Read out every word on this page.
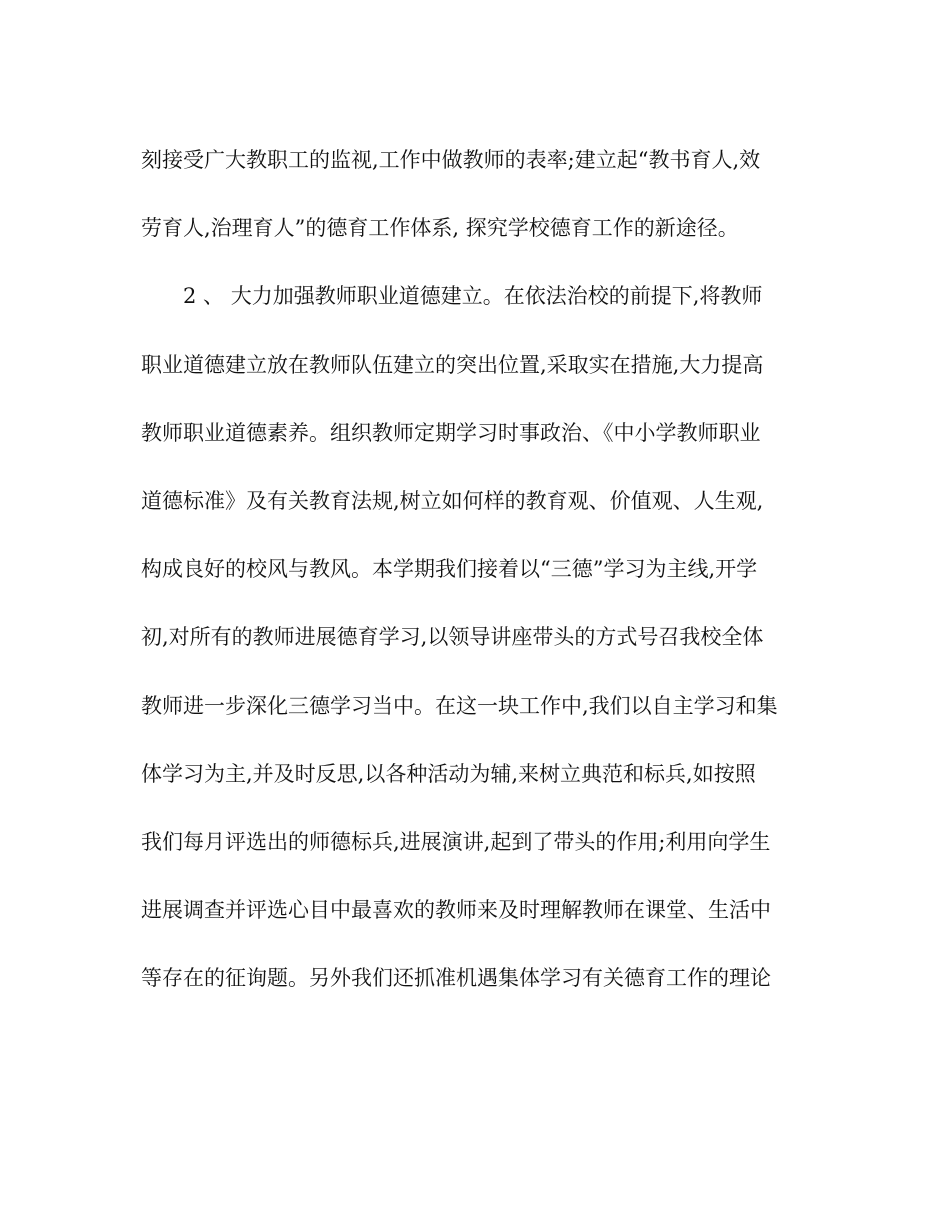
刻接受广大教职工的监视,工作中做教师的表率;建立起“教书育人,效
劳育人,治理育人”的德育工作体系, 探究学校德育工作的新途径。
2 、 大力加强教师职业道德建立。在依法治校的前提下,将教师
职业道德建立放在教师队伍建立的突出位置,采取实在措施,大力提高
教师职业道德素养。组织教师定期学习时事政治、《中小学教师职业
道德标准》及有关教育法规,树立如何样的教育观、价值观、人生观,
构成良好的校风与教风。本学期我们接着以“三德”学习为主线,开学
初,对所有的教师进展德育学习,以领导讲座带头的方式号召我校全体
教师进一步深化三德学习当中。在这一块工作中,我们以自主学习和集
体学习为主,并及时反思,以各种活动为辅,来树立典范和标兵,如按照
我们每月评选出的师德标兵,进展演讲,起到了带头的作用;利用向学生
进展调查并评选心目中最喜欢的教师来及时理解教师在课堂、生活中
等存在的征询题。另外我们还抓准机遇集体学习有关德育工作的理论
